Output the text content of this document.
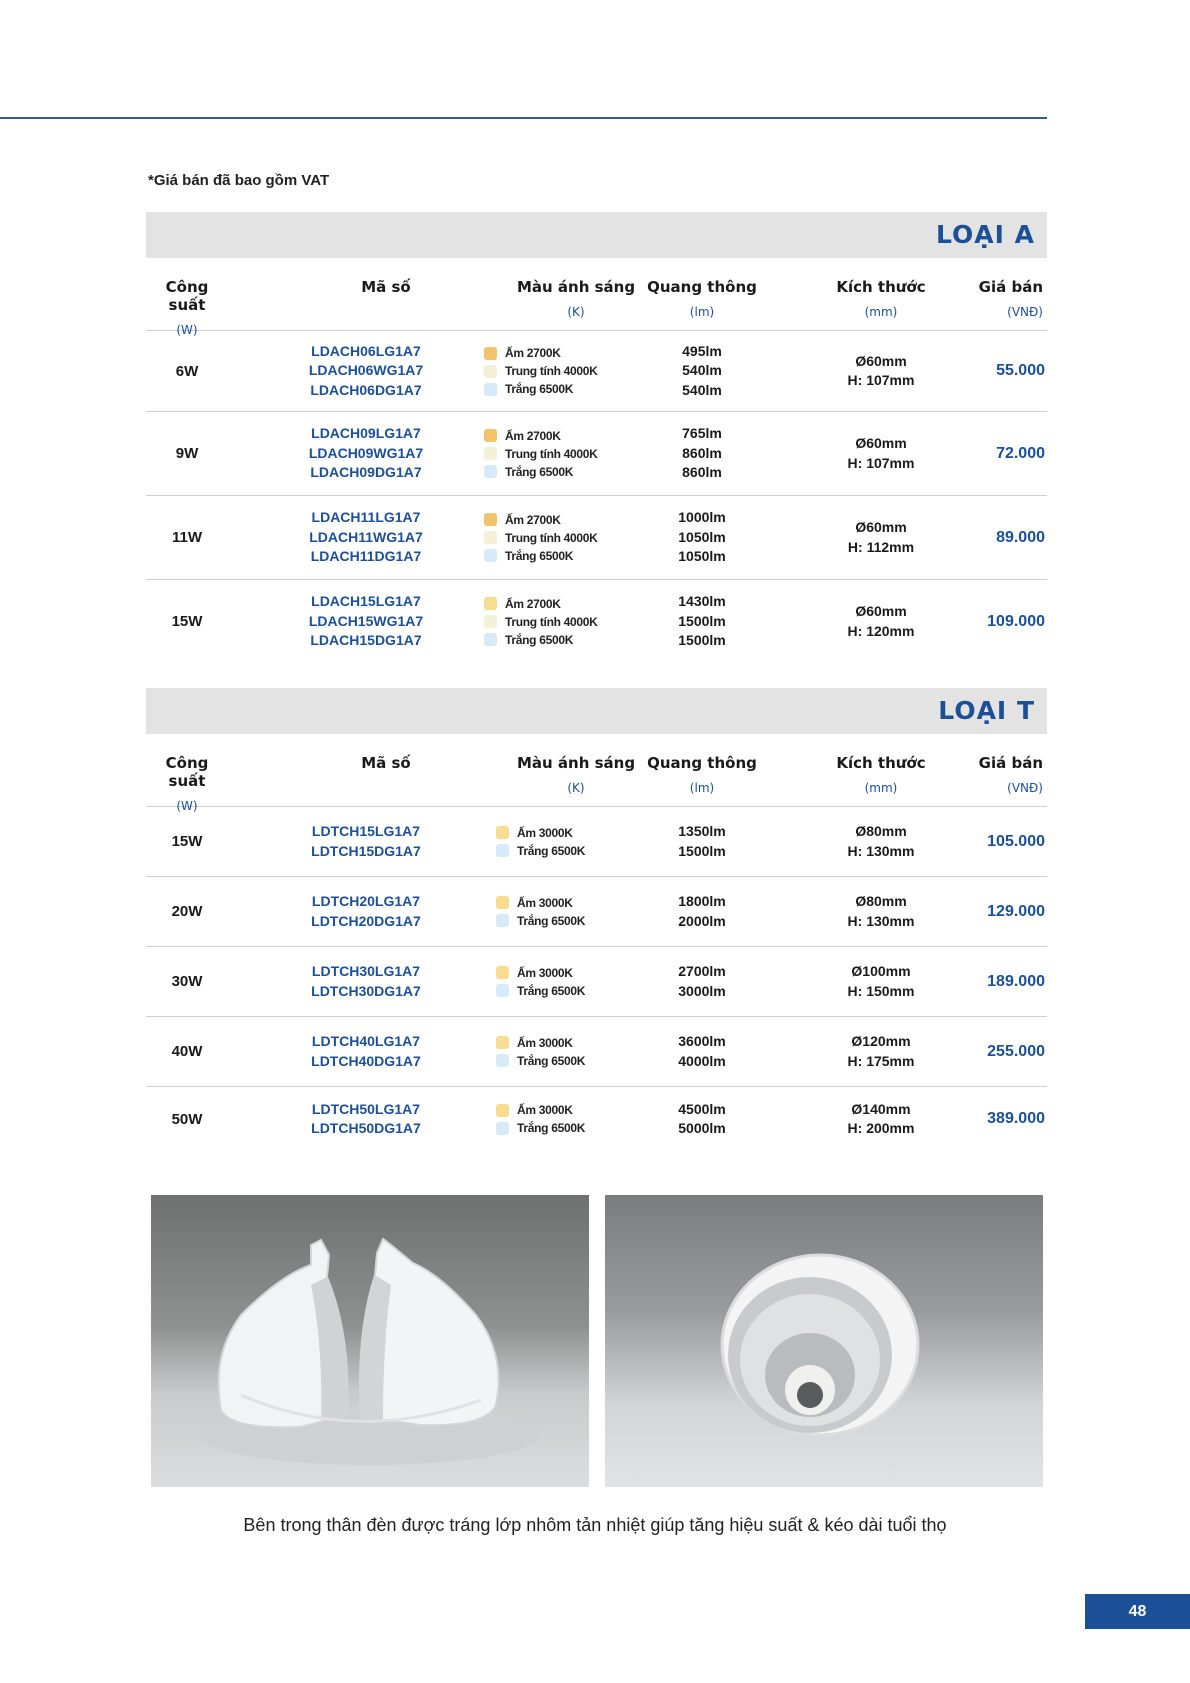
*Giá bán đã bao gồm VAT
LOẠI A
Công suất
(W)
Mã số	Màu ánh sáng
(K)
Quang thông
(lm)
Kích thước
(mm)
Giá bán
(VNĐ)
6W
LDACH06LG1A7
LDACH06WG1A7
LDACH06DG1A7
Ấm 2700K
Trung tính 4000K
Trắng 6500K
495lm
540lm
540lm
Ø60mm
H: 107mm
55.000
9W
LDACH09LG1A7
LDACH09WG1A7
LDACH09DG1A7
Ấm 2700K
Trung tính 4000K
Trắng 6500K
765lm
860lm
860lm
Ø60mm
H: 107mm
72.000
11W
LDACH11LG1A7
LDACH11WG1A7
LDACH11DG1A7
Ấm 2700K
Trung tính 4000K
Trắng 6500K
1000lm
1050lm
1050lm
Ø60mm
H: 112mm
89.000
15W
LDACH15LG1A7
LDACH15WG1A7
LDACH15DG1A7
Ấm 2700K
Trung tính 4000K
Trắng 6500K
1430lm
1500lm
1500lm
Ø60mm
H: 120mm
109.000
LOẠI T
Công suất
(W)
Mã số	Màu ánh sáng
(K)
Quang thông
(lm)
Kích thước
(mm)
Giá bán
(VNĐ)
15W
LDTCH15LG1A7
LDTCH15DG1A7
Ấm 3000K
Trắng 6500K
1350lm
1500lm
Ø80mm
H: 130mm
105.000
20W
LDTCH20LG1A7
LDTCH20DG1A7
Ấm 3000K
Trắng 6500K
1800lm
2000lm
Ø80mm
H: 130mm
129.000
30W
LDTCH30LG1A7
LDTCH30DG1A7
Ấm 3000K
Trắng 6500K
2700lm
3000lm
Ø100mm
H: 150mm
189.000
40W
LDTCH40LG1A7
LDTCH40DG1A7
Ấm 3000K
Trắng 6500K
3600lm
4000lm
Ø120mm
H: 175mm
255.000
50W
LDTCH50LG1A7
LDTCH50DG1A7
Ấm 3000K
Trắng 6500K
4500lm
5000lm
Ø140mm
H: 200mm
389.000
Bên trong thân đèn được tráng lớp nhôm tản nhiệt giúp tăng hiệu suất & kéo dài tuổi thọ
48
